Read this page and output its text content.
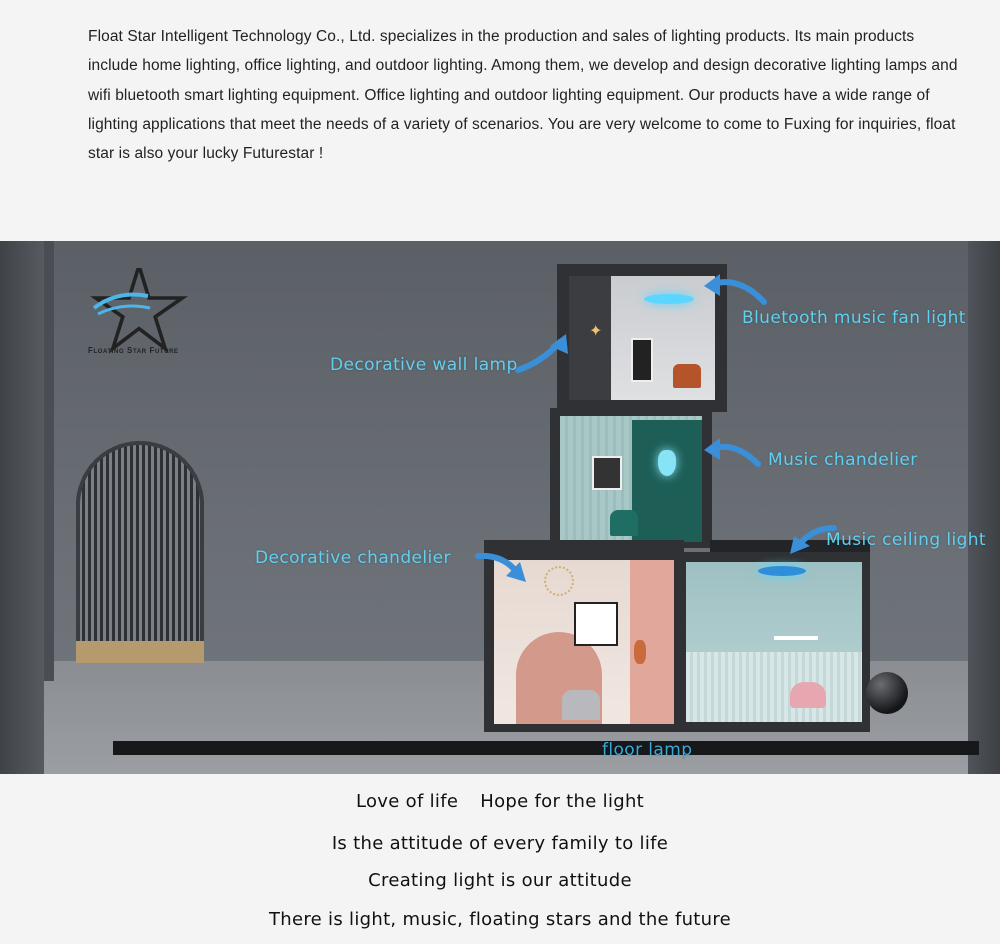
Float Star Intelligent Technology Co., Ltd. specializes in the production and sales of lighting products. Its main products include home lighting, office lighting, and outdoor lighting. Among them, we develop and design decorative lighting lamps and wifi bluetooth smart lighting equipment. Office lighting and outdoor lighting equipment. Our products have a wide range of lighting applications that meet the needs of a variety of scenarios. You are very welcome to come to Fuxing for inquiries, float star is also your lucky Futurestar !

Floating Star Future
✦
Bluetooth music fan light
Decorative wall lamp
Music chandelier
Music ceiling light
Decorative chandelier
floor lamp
Love of life Hope for the light
Is the attitude of every family to life
Creating light is our attitude
There is light, music, floating stars and the future
